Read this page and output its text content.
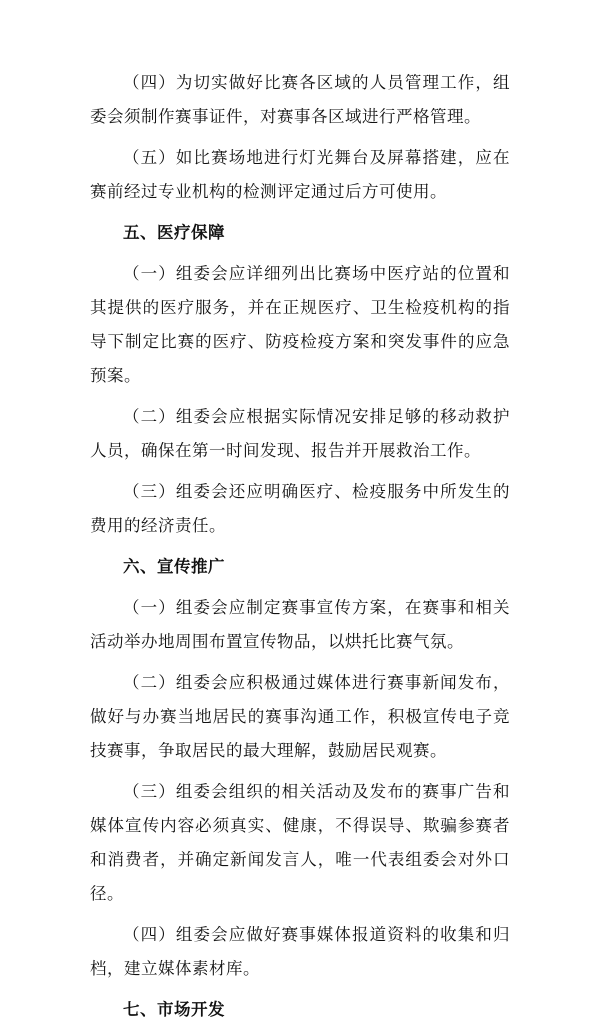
（四）为切实做好比赛各区域的人员管理工作，组委会须制作赛事证件，对赛事各区域进行严格管理。

（五）如比赛场地进行灯光舞台及屏幕搭建，应在赛前经过专业机构的检测评定通过后方可使用。

五、医疗保障

（一）组委会应详细列出比赛场中医疗站的位置和其提供的医疗服务，并在正规医疗、卫生检疫机构的指导下制定比赛的医疗、防疫检疫方案和突发事件的应急预案。

（二）组委会应根据实际情况安排足够的移动救护人员，确保在第一时间发现、报告并开展救治工作。

（三）组委会还应明确医疗、检疫服务中所发生的费用的经济责任。

六、宣传推广

（一）组委会应制定赛事宣传方案，在赛事和相关活动举办地周围布置宣传物品，以烘托比赛气氛。

（二）组委会应积极通过媒体进行赛事新闻发布，做好与办赛当地居民的赛事沟通工作，积极宣传电子竞技赛事，争取居民的最大理解，鼓励居民观赛。

（三）组委会组织的相关活动及发布的赛事广告和媒体宣传内容必须真实、健康，不得误导、欺骗参赛者和消费者，并确定新闻发言人，唯一代表组委会对外口径。

（四）组委会应做好赛事媒体报道资料的收集和归档，建立媒体素材库。

七、市场开发
